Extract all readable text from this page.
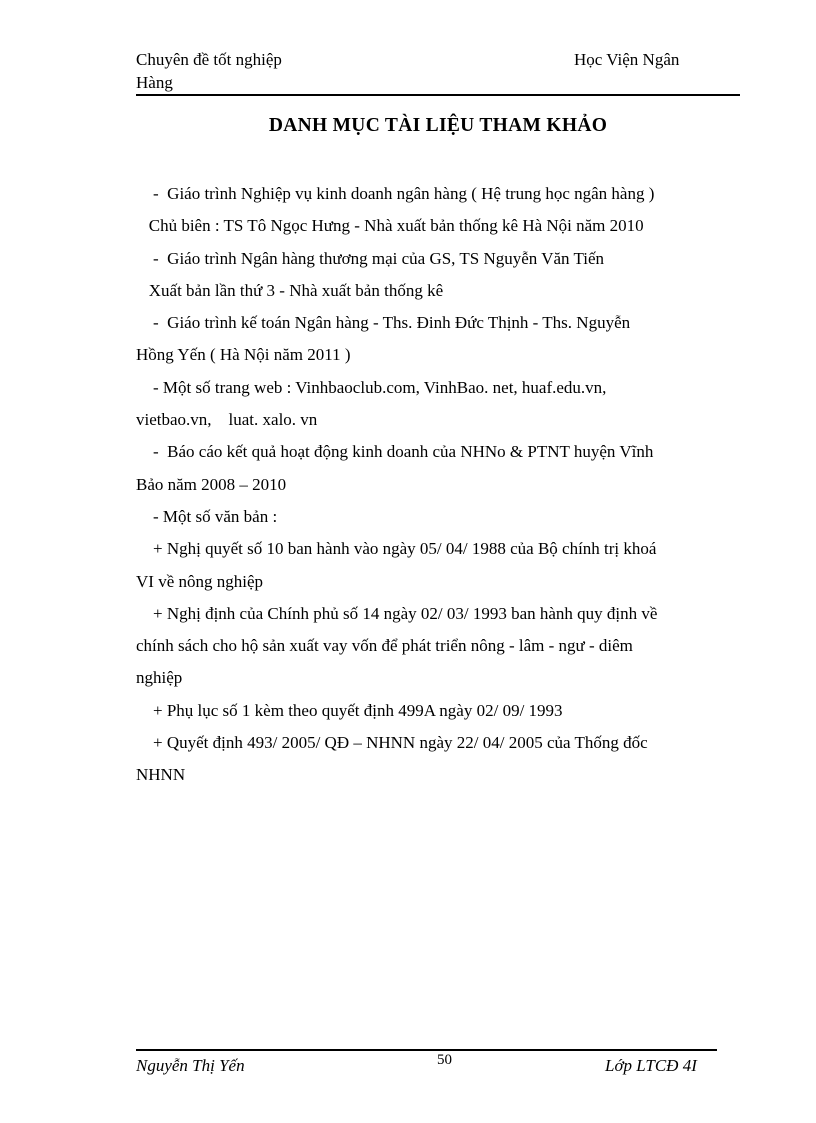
Chuyên đề tốt nghiệp
Hàng
Học Viện Ngân
DANH MỤC TÀI LIỆU THAM KHẢO
-  Giáo trình Nghiệp vụ kinh doanh ngân hàng ( Hệ trung học ngân hàng )
Chủ biên : TS Tô Ngọc Hưng - Nhà xuất bản thống kê Hà Nội năm 2010
-  Giáo trình Ngân hàng thương mại của GS, TS Nguyễn Văn Tiến
Xuất bản lần thứ 3 - Nhà xuất bản thống kê
-  Giáo trình kế toán Ngân hàng - Ths. Đinh Đức Thịnh - Ths. Nguyễn
Hồng Yến ( Hà Nội năm 2011 )
- Một số trang web : Vinhbaoclub.com, VinhBao. net, huaf.edu.vn,
vietbao.vn,    luat. xalo. vn
-  Báo cáo kết quả hoạt động kinh doanh của NHNo & PTNT huyện Vĩnh
Bảo năm 2008 – 2010
- Một số văn bản :
+ Nghị quyết số 10 ban hành vào ngày 05/ 04/ 1988 của Bộ chính trị khoá
VI về nông nghiệp
+ Nghị định của Chính phủ số 14 ngày 02/ 03/ 1993 ban hành quy định về
chính sách cho hộ sản xuất vay vốn để phát triển nông - lâm - ngư - diêm
nghiệp
+ Phụ lục số 1 kèm theo quyết định 499A ngày 02/ 09/ 1993
+ Quyết định 493/ 2005/ QĐ – NHNN ngày 22/ 04/ 2005 của Thống đốc
NHNN
Nguyễn Thị Yến	50	Lớp LTCĐ 4I
